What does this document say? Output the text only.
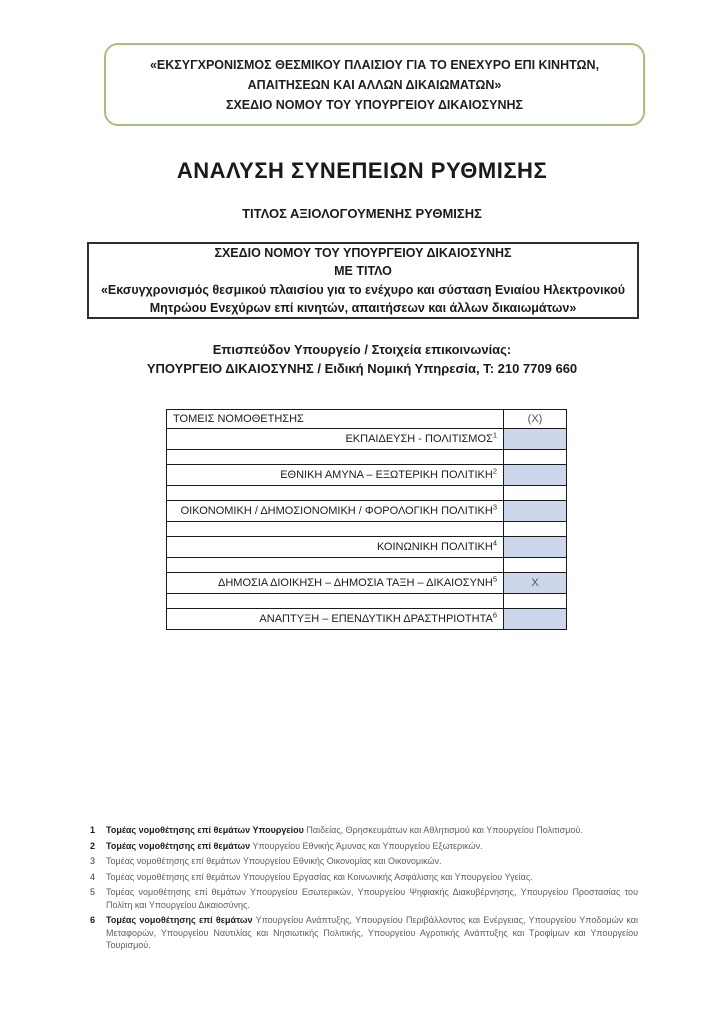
«ΕΚΣΥΓΧΡΟΝΙΣΜΟΣ ΘΕΣΜΙΚΟΥ ΠΛΑΙΣΙΟΥ ΓΙΑ ΤΟ ΕΝΕΧΥΡΟ ΕΠΙ ΚΙΝΗΤΩΝ,
ΑΠΑΙΤΗΣΕΩΝ ΚΑΙ ΑΛΛΩΝ ΔΙΚΑΙΩΜΑΤΩΝ»
ΣΧΕΔΙΟ ΝΟΜΟΥ ΤΟΥ ΥΠΟΥΡΓΕΙΟΥ ΔΙΚΑΙΟΣΥΝΗΣ
ΑΝΑΛΥΣΗ ΣΥΝΕΠΕΙΩΝ ΡΥΘΜΙΣΗΣ
ΤΙΤΛΟΣ ΑΞΙΟΛΟΓΟΥΜΕΝΗΣ ΡΥΘΜΙΣΗΣ
ΣΧΕΔΙΟ ΝΟΜΟΥ ΤΟΥ ΥΠΟΥΡΓΕΙΟΥ ΔΙΚΑΙΟΣΥΝΗΣ
ΜΕ ΤΙΤΛΟ
«Εκσυγχρονισμός θεσμικού πλαισίου για το ενέχυρο και σύσταση Ενιαίου Ηλεκτρονικού
Μητρώου Ενεχύρων επί κινητών, απαιτήσεων και άλλων δικαιωμάτων»
Επισπεύδον Υπουργείο / Στοιχεία επικοινωνίας:
ΥΠΟΥΡΓΕΙΟ ΔΙΚΑΙΟΣΥΝΗΣ / Ειδική Νομική Υπηρεσία, Τ: 210 7709 660
ΤΟΜΕΙΣ ΝΟΜΟΘΕΤΗΣΗΣ	(X)
ΕΚΠΑΙΔΕΥΣΗ - ΠΟΛΙΤΙΣΜΟΣ$^1$	

ΕΘΝΙΚΗ ΑΜΥΝΑ – ΕΞΩΤΕΡΙΚΗ ΠΟΛΙΤΙΚΗ$^2$	

ΟΙΚΟΝΟΜΙΚΗ / ΔΗΜΟΣΙΟΝΟΜΙΚΗ / ΦΟΡΟΛΟΓΙΚΗ ΠΟΛΙΤΙΚΗ$^3$	

ΚΟΙΝΩΝΙΚΗ ΠΟΛΙΤΙΚΗ$^4$	

ΔΗΜΟΣΙΑ ΔΙΟΙΚΗΣΗ – ΔΗΜΟΣΙΑ ΤΑΞΗ – ΔΙΚΑΙΟΣΥΝΗ$^5$	X

ΑΝΑΠΤΥΞΗ – ΕΠΕΝΔΥΤΙΚΗ ΔΡΑΣΤΗΡΙΟΤΗΤΑ$^6$	
1	Τομέας νομοθέτησης επί θεμάτων Υπουργείου Παιδείας, Θρησκευμάτων και Αθλητισμού και Υπουργείου Πολιτισμού.
2	Τομέας νομοθέτησης επί θεμάτων Υπουργείου Εθνικής Άμυνας και Υπουργείου Εξωτερικών.
3	Τομέας νομοθέτησης επί θεμάτων Υπουργείου Εθνικής Οικονομίας και Οικονομικών.
4	Τομέας νομοθέτησης επί θεμάτων Υπουργείου Εργασίας και Κοινωνικής Ασφάλισης και Υπουργείου Υγείας.
5	Τομέας νομοθέτησης επί θεμάτων Υπουργείου Εσωτερικών, Υπουργείου Ψηφιακής Διακυβέρνησης, Υπουργείου Προστασίας του Πολίτη και Υπουργείου Δικαιοσύνης.
6	Τομέας νομοθέτησης επί θεμάτων Υπουργείου Ανάπτυξης, Υπουργείου Περιβάλλοντος και Ενέργειας, Υπουργείου Υποδομών και Μεταφορών, Υπουργείου Ναυτιλίας και Νησιωτικής Πολιτικής, Υπουργείου Αγροτικής Ανάπτυξης και Τροφίμων και Υπουργείου Τουρισμού.
